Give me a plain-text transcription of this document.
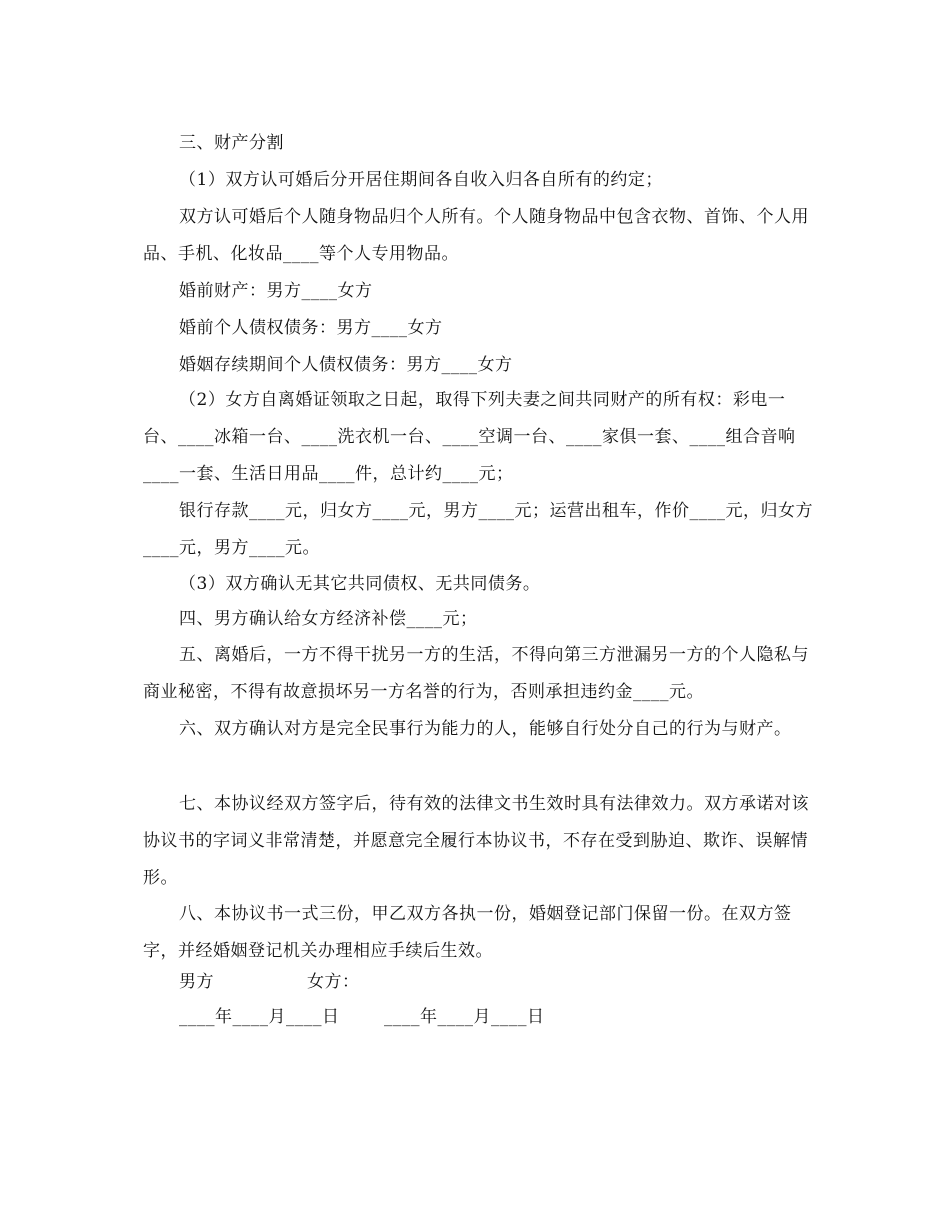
三、财产分割

（1）双方认可婚后分开居住期间各自收入归各自所有的约定；

双方认可婚后个人随身物品归个人所有。个人随身物品中包含衣物、首饰、个人用品、手机、化妆品____等个人专用物品。

婚前财产：男方____女方

婚前个人债权债务：男方____女方

婚姻存续期间个人债权债务：男方____女方

（2）女方自离婚证领取之日起，取得下列夫妻之间共同财产的所有权：彩电一台、____冰箱一台、____洗衣机一台、____空调一台、____家俱一套、____组合音响____一套、生活日用品____件，总计约____元；

银行存款____元，归女方____元，男方____元；运营出租车，作价____元，归女方____元，男方____元。

（3）双方确认无其它共同债权、无共同债务。

四、男方确认给女方经济补偿____元；

五、离婚后，一方不得干扰另一方的生活，不得向第三方泄漏另一方的个人隐私与商业秘密，不得有故意损坏另一方名誉的行为，否则承担违约金____元。

六、双方确认对方是完全民事行为能力的人，能够自行处分自己的行为与财产。

七、本协议经双方签字后，待有效的法律文书生效时具有法律效力。双方承诺对该协议书的字词义非常清楚，并愿意完全履行本协议书，不存在受到胁迫、欺诈、误解情形。

八、本协议书一式三份，甲乙双方各执一份，婚姻登记部门保留一份。在双方签字，并经婚姻登记机关办理相应手续后生效。

男方	女方：
____年____月____日	____年____月____日
